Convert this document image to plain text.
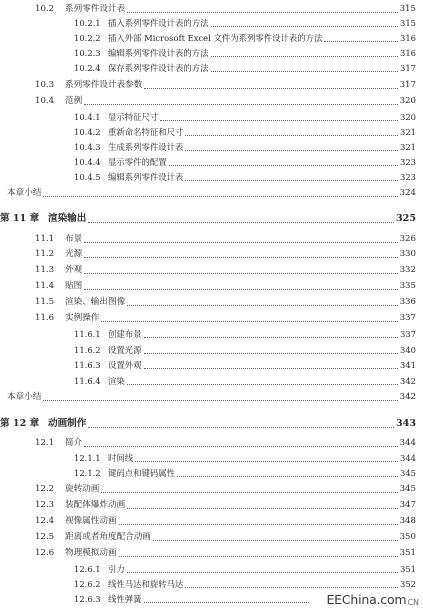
10.2	系列零件设计表	315
10.2.1 插入系列零件设计表的方法	315
10.2.2 插入外部 Microsoft Excel 文件为系列零件设计表的方法	316
10.2.3 编辑系列零件设计表的方法	316
10.2.4 保存系列零件设计表的方法	317
10.3	系列零件设计表参数	317
10.4	范例	320
10.4.1 显示特征尺寸	320
10.4.2 重新命名特征和尺寸	321
10.4.3 生成系列零件设计表	321
10.4.4 显示零件的配置	323
10.4.5 编辑系列零件设计表	323
本章小结	324
第 11 章 渲染输出	325
11.1	布景	326
11.2	光源	330
11.3	外观	332
11.4	贴图	335
11.5	渲染、输出图像	336
11.6	实例操作	337
11.6.1 创建布景	337
11.6.2 设置光源	340
11.6.3 设置外观	341
11.6.4 渲染	342
本章小结	342
第 12 章 动画制作	343
12.1	简介	344
12.1.1 时间线	344
12.1.2 键码点和键码属性	345
12.2	旋转动画	345
12.3	装配体爆炸动画	347
12.4	视像属性动画	348
12.5	距离或者角度配合动画	350
12.6	物理模拟动画	351
12.6.1 引力	351
12.6.2 线性马达和旋转马达	352
12.6.3 线性弹簧	EEChina.com CN
